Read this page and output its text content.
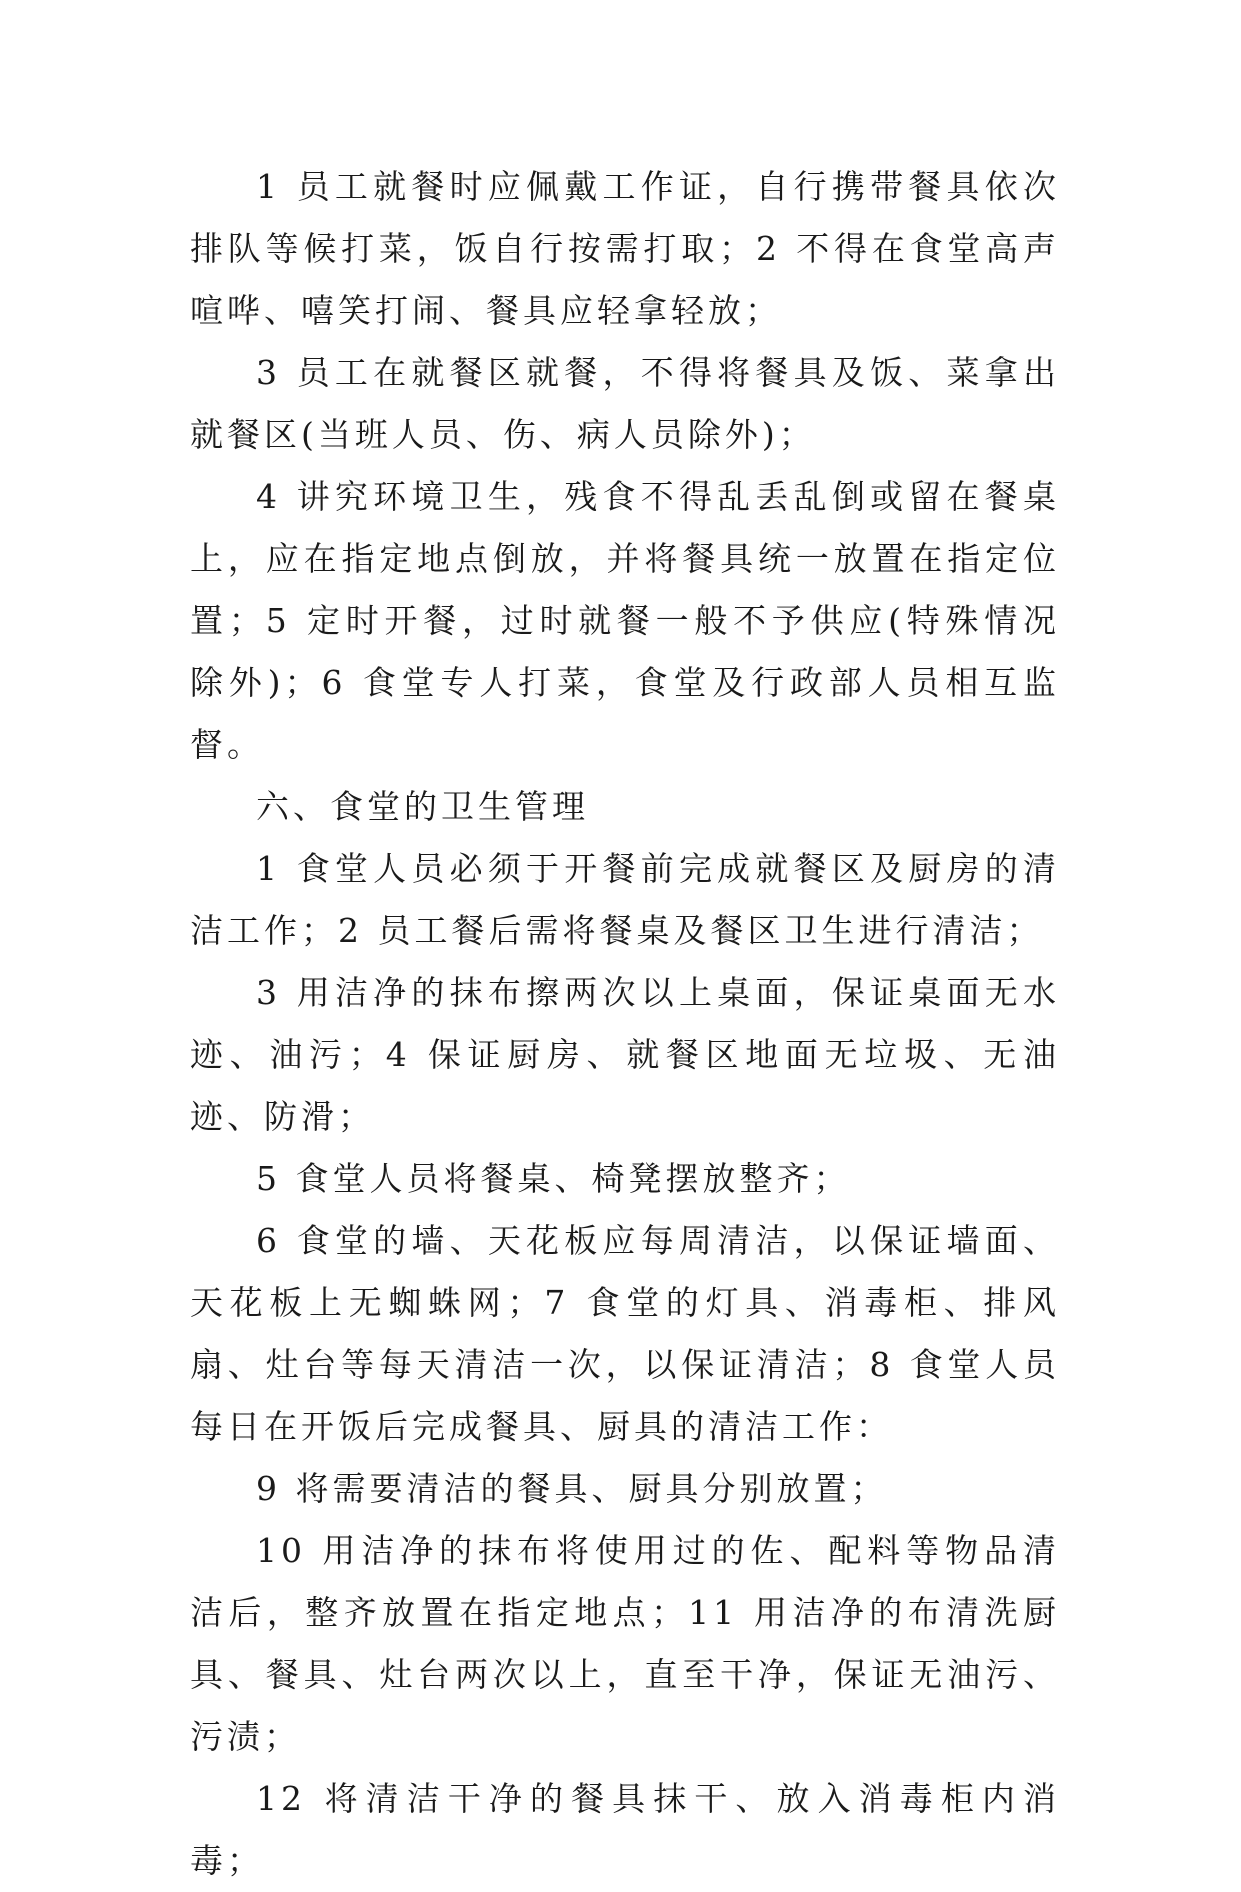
1 员工就餐时应佩戴工作证，自行携带餐具依次排队等候打菜，饭自行按需打取；2 不得在食堂高声喧哗、嘻笑打闹、餐具应轻拿轻放；

3 员工在就餐区就餐，不得将餐具及饭、菜拿出就餐区(当班人员、伤、病人员除外)；

4 讲究环境卫生，残食不得乱丢乱倒或留在餐桌上，应在指定地点倒放，并将餐具统一放置在指定位置；5 定时开餐，过时就餐一般不予供应(特殊情况除外)；6 食堂专人打菜，食堂及行政部人员相互监督。

六、食堂的卫生管理

1 食堂人员必须于开餐前完成就餐区及厨房的清洁工作；2 员工餐后需将餐桌及餐区卫生进行清洁；

3 用洁净的抹布擦两次以上桌面，保证桌面无水迹、油污；4 保证厨房、就餐区地面无垃圾、无油迹、防滑；

5 食堂人员将餐桌、椅凳摆放整齐；

6 食堂的墙、天花板应每周清洁，以保证墙面、天花板上无蜘蛛网；7 食堂的灯具、消毒柜、排风扇、灶台等每天清洁一次，以保证清洁；8 食堂人员每日在开饭后完成餐具、厨具的清洁工作：

9 将需要清洁的餐具、厨具分别放置；

10 用洁净的抹布将使用过的佐、配料等物品清洁后，整齐放置在指定地点；11 用洁净的布清洗厨具、餐具、灶台两次以上，直至干净，保证无油污、污渍；

12 将清洁干净的餐具抹干、放入消毒柜内消毒；
